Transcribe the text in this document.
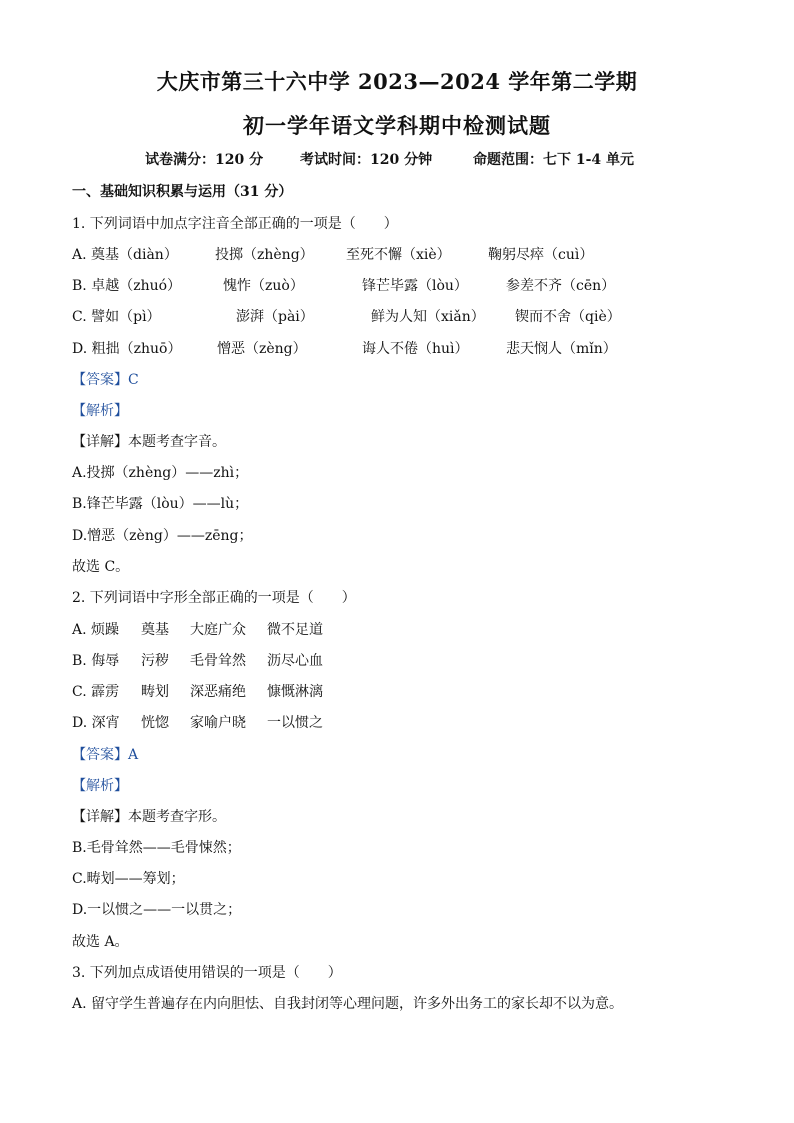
大庆市第三十六中学 2023—2024 学年第二学期
初一学年语文学科期中检测试题
试卷满分：120 分	考试时间：120 分钟	命题范围：七下 1-4 单元
一、基础知识积累与运用（31 分）
1. 下列词语中加点字注音全部正确的一项是（　　）
A. 奠基（diàn）	投掷（zhèng） 至死不懈（xiè）	鞠躬尽瘁（cuì）
B. 卓越（zhuó）	愧怍（zuò）	锋芒毕露（lòu）	参差不齐（cēn）
C. 譬如（pì）	澎湃（pài）	鲜为人知（xiǎn） 锲而不舍（qiè）
D. 粗拙（zhuō）	憎恶（zèng）	诲人不倦（huì）	悲天悯人（mǐn）
【答案】C
【解析】
【详解】本题考查字音。
A.投掷（zhèng）——zhì；
B.锋芒毕露（lòu）——lù；
D.憎恶（zèng）——zēng；
故选 C。
2. 下列词语中字形全部正确的一项是（　　）
A. 烦躁 奠基 大庭广众 微不足道
B. 侮辱 污秽 毛骨耸然 沥尽心血
C. 霹雳 畴划 深恶痛绝 慷慨淋漓
D. 深宵 恍惚 家喻户晓 一以惯之
【答案】A
【解析】
【详解】本题考查字形。
B.毛骨耸然——毛骨悚然；
C.畴划——筹划；
D.一以惯之——一以贯之；
故选 A。
3. 下列加点成语使用错误的一项是（　　）
A. 留守学生普遍存在内向胆怯、自我封闭等心理问题，许多外出务工的家长却不以为意。
